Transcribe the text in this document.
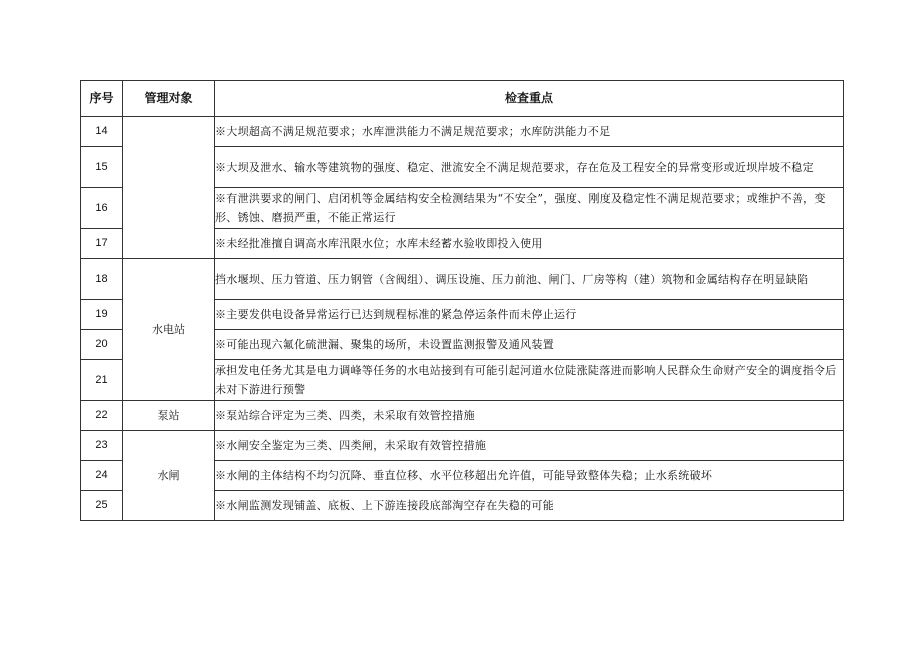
序号	管理对象	检查重点
14		※大坝超高不满足规范要求；水库泄洪能力不满足规范要求；水库防洪能力不足

15		※大坝及泄水、输水等建筑物的强度、稳定、泄流安全不满足规范要求，存在危及工程安全的异常变形或近坝岸坡不稳定

16		※有泄洪要求的闸门、启闭机等金属结构安全检测结果为“不安全”，强度、刚度及稳定性不满足规范要求；或维护不善，变形、锈蚀、磨损严重，不能正常运行

17		※未经批准擅自调高水库汛限水位；水库未经蓄水验收即投入使用

18	水电站	挡水堰坝、压力管道、压力钢管（含阀组）、调压设施、压力前池、闸门、厂房等构（建）筑物和金属结构存在明显缺陷

19		※主要发供电设备异常运行已达到规程标准的紧急停运条件而未停止运行

20		※可能出现六氟化硫泄漏、聚集的场所，未设置监测报警及通风装置

21		承担发电任务尤其是电力调峰等任务的水电站接到有可能引起河道水位陡涨陡落进而影响人民群众生命财产安全的调度指令后未对下游进行预警

22	泵站	※泵站综合评定为三类、四类，未采取有效管控措施

23	水闸	※水闸安全鉴定为三类、四类闸，未采取有效管控措施

24		※水闸的主体结构不均匀沉降、垂直位移、水平位移超出允许值，可能导致整体失稳；止水系统破坏

25		※水闸监测发现铺盖、底板、上下游连接段底部淘空存在失稳的可能
